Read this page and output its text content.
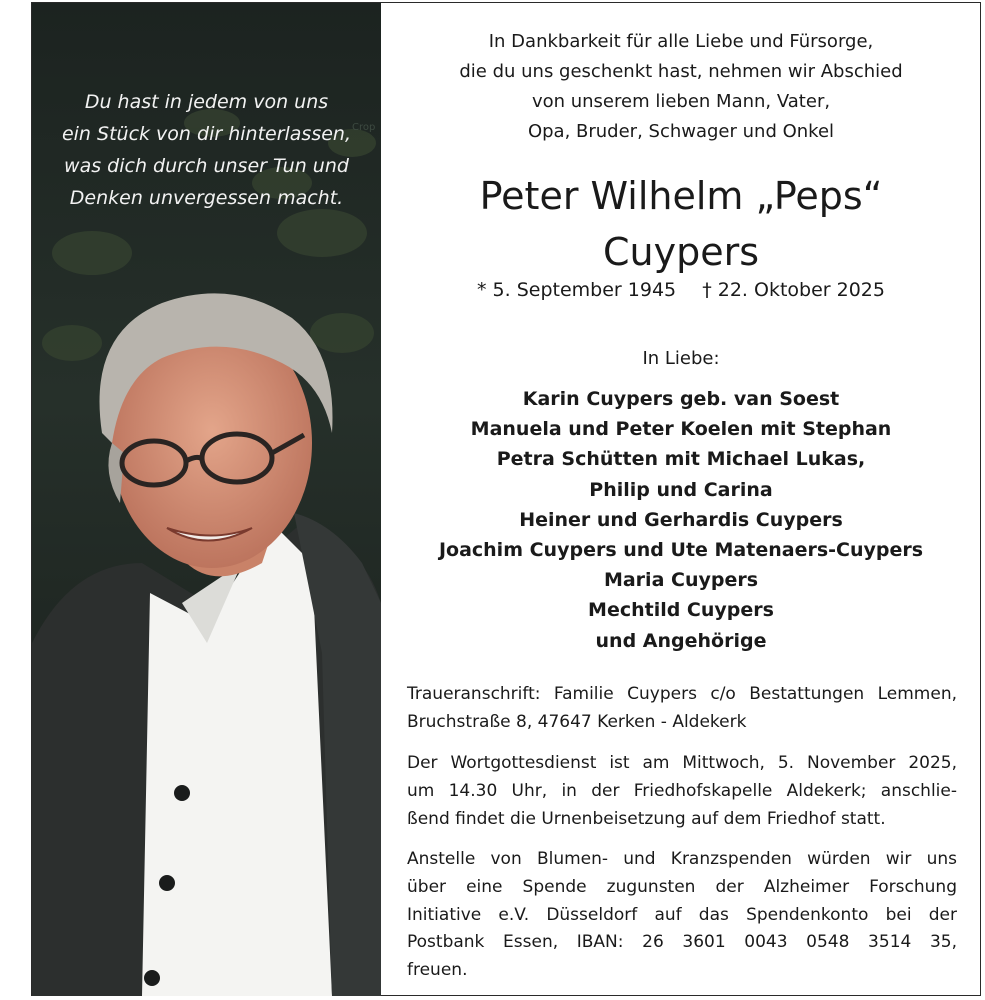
Crop
Du hast in jedem von uns
ein Stück von dir hinterlassen,
was dich durch unser Tun und
Denken unvergessen macht.
In Dankbarkeit für alle Liebe und Fürsorge,
die du uns geschenkt hast, nehmen wir Abschied
von unserem lieben Mann, Vater,
Opa, Bruder, Schwager und Onkel
Peter Wilhelm „Peps“
Cuypers
* 5. September 1945 † 22. Oktober 2025
In Liebe:
Karin Cuypers geb. van Soest
Manuela und Peter Koelen mit Stephan
Petra Schütten mit Michael Lukas,
Philip und Carina
Heiner und Gerhardis Cuypers
Joachim Cuypers und Ute Matenaers-Cuypers
Maria Cuypers
Mechtild Cuypers
und Angehörige
Traueranschrift: Familie Cuypers c/o Bestattungen Lemmen,
Bruchstraße 8, 47647 Kerken - Aldekerk
Der Wortgottesdienst ist am Mittwoch, 5. November 2025,
um 14.30 Uhr, in der Friedhofskapelle Aldekerk; anschlie-
ßend findet die Urnenbeisetzung auf dem Friedhof statt.
Anstelle von Blumen- und Kranzspenden würden wir uns
über eine Spende zugunsten der Alzheimer Forschung
Initiative e.V. Düsseldorf auf das Spendenkonto bei der
Postbank Essen, IBAN: 26 3601 0043 0548 3514 35,
freuen.
